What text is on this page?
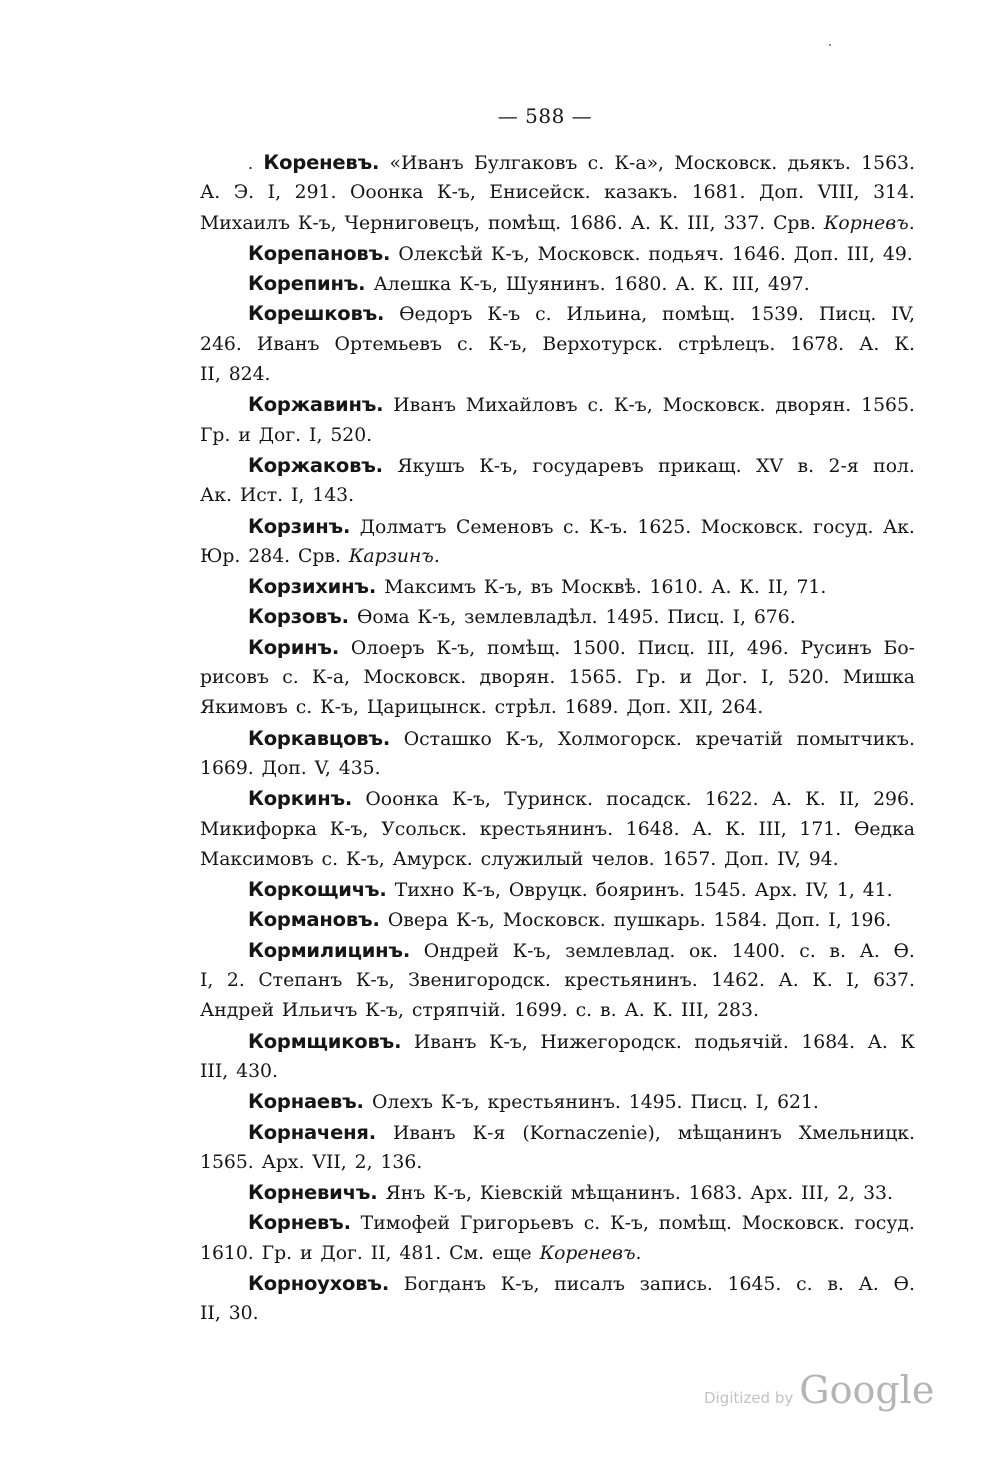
— 588 —
. Кореневъ. «Иванъ Булгаковъ с. К-а», Московск. дьякъ. 1563.
А. Э. I, 291. Ооонка К-ъ, Енисейск. казакъ. 1681. Доп. VIII, 314.
Михаилъ К-ъ, Черниговецъ, помѣщ. 1686. А. К. III, 337. Срв. Корневъ.
Корепановъ. Олексѣй К-ъ, Московск. подьяч. 1646. Доп. III, 49.
Корепинъ. Алешка К-ъ, Шуянинъ. 1680. А. К. III, 497.
Корешковъ. Өедоръ К-ъ с. Ильина, помѣщ. 1539. Писц. IV,
246. Иванъ Ортемьевъ с. К-ъ, Верхотурск. стрѣлецъ. 1678. А. К.
II, 824.
Коржавинъ. Иванъ Михайловъ с. К-ъ, Московск. дворян. 1565.
Гр. и Дог. I, 520.
Коржаковъ. Якушъ К-ъ, государевъ прикащ. XV в. 2-я пол.
Ак. Ист. I, 143.
Корзинъ. Долматъ Семеновъ с. К-ъ. 1625. Московск. госуд. Ак.
Юр. 284. Срв. Карзинъ.
Корзихинъ. Максимъ К-ъ, въ Москвѣ. 1610. А. К. II, 71.
Корзовъ. Өома К-ъ, землевладѣл. 1495. Писц. I, 676.
Коринъ. Олоеръ К-ъ, помѣщ. 1500. Писц. III, 496. Русинъ Бо-
рисовъ с. К-а, Московск. дворян. 1565. Гр. и Дог. I, 520. Мишка
Якимовъ с. К-ъ, Царицынск. стрѣл. 1689. Доп. XII, 264.
Коркавцовъ. Осташко К-ъ, Холмогорск. кречатій помытчикъ.
1669. Доп. V, 435.
Коркинъ. Ооонка К-ъ, Туринск. посадск. 1622. А. К. II, 296.
Микифорка К-ъ, Усольск. крестьянинъ. 1648. А. К. III, 171. Өедка
Максимовъ с. К-ъ, Амурск. служилый челов. 1657. Доп. IV, 94.
Коркощичъ. Тихно К-ъ, Овруцк. бояринъ. 1545. Арх. IV, 1, 41.
Кормановъ. Овера К-ъ, Московск. пушкарь. 1584. Доп. I, 196.
Кормилицинъ. Ондрей К-ъ, землевлад. ок. 1400. с. в. А. Ө.
I, 2. Степанъ К-ъ, Звенигородск. крестьянинъ. 1462. А. К. I, 637.
Андрей Ильичъ К-ъ, стряпчій. 1699. с. в. А. К. III, 283.
Кормщиковъ. Иванъ К-ъ, Нижегородск. подьячій. 1684. А. К
III, 430.
Корнаевъ. Олехъ К-ъ, крестьянинъ. 1495. Писц. I, 621.
Корначеня. Иванъ К-я (Kornaczenie), мѣщанинъ Хмельницк.
1565. Арх. VII, 2, 136.
Корневичъ. Янъ К-ъ, Кіевскій мѣщанинъ. 1683. Арх. III, 2, 33.
Корневъ. Тимофей Григорьевъ с. К-ъ, помѣщ. Московск. госуд.
1610. Гр. и Дог. II, 481. См. еще Кореневъ.
Корноуховъ. Богданъ К-ъ, писалъ запись. 1645. с. в. А. Ө.
II, 30.
Digitized by Google
